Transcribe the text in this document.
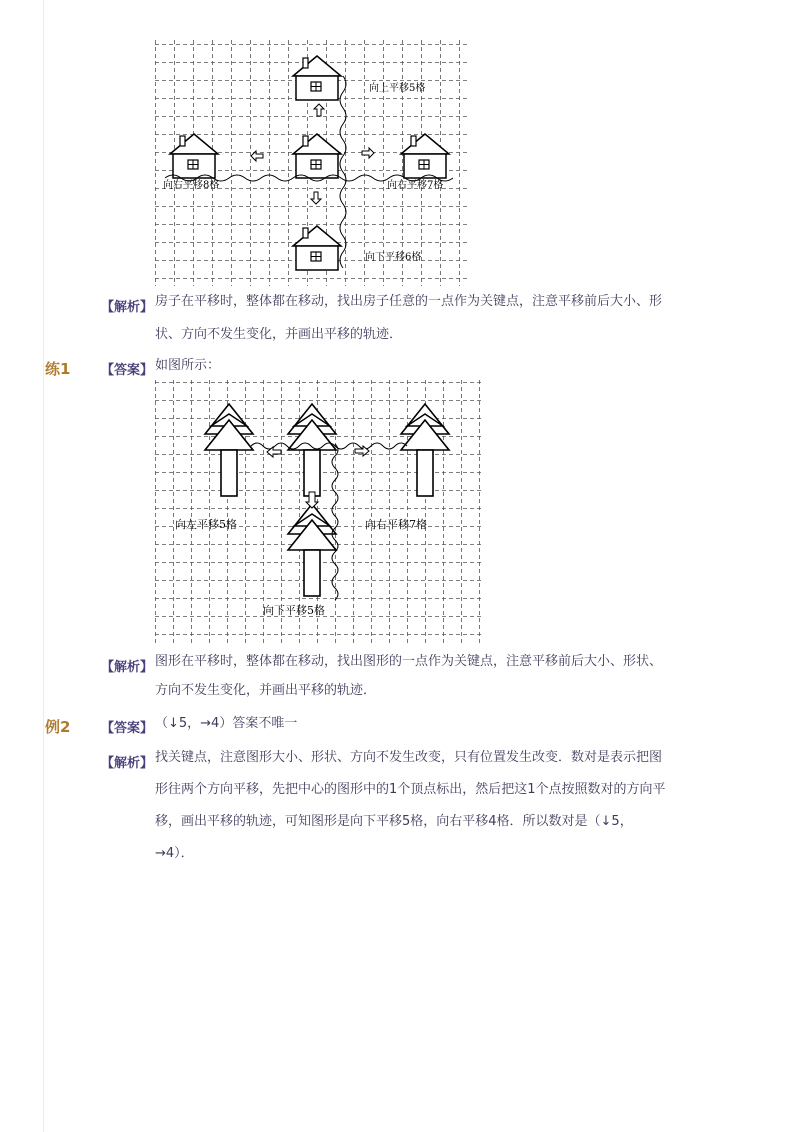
向上平移5格
向右平移8格	向右平移7格
向下平移6格
【解析】 房子在平移时，整体都在移动，找出房子任意的一点作为关键点，注意平移前后大小、形
状、方向不发生变化，并画出平移的轨迹．
练1 【答案】 如图所示：
向左平移5格	向右平移7格
向下平移5格
【解析】 图形在平移时，整体都在移动，找出图形的一点作为关键点，注意平移前后大小、形状、
方向不发生变化，并画出平移的轨迹．
例2 【答案】 （↓5，→4）答案不唯一
【解析】 找关键点，注意图形大小、形状、方向不发生改变，只有位置发生改变．数对是表示把图
形往两个方向平移，先把中心的图形中的1个顶点标出，然后把这1个点按照数对的方向平
移，画出平移的轨迹，可知图形是向下平移5格，向右平移4格．所以数对是（↓5，
→4）．
